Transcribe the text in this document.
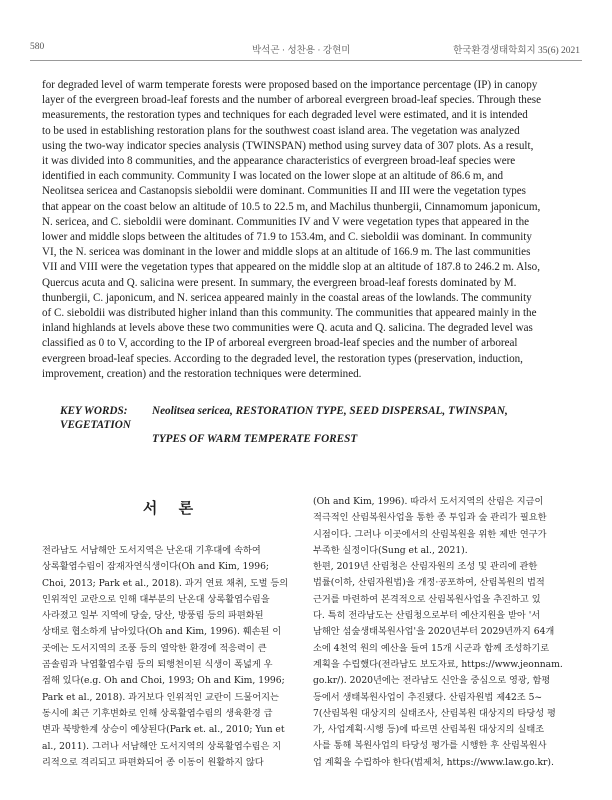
580	박석곤 · 성찬용 · 강현미	한국환경생태학회지 35(6) 2021

for degraded level of warm temperate forests were proposed based on the importance percentage (IP) in canopy
layer of the evergreen broad-leaf forests and the number of arboreal evergreen broad-leaf species. Through these
measurements, the restoration types and techniques for each degraded level were estimated, and it is intended
to be used in establishing restoration plans for the southwest coast island area. The vegetation was analyzed
using the two-way indicator species analysis (TWINSPAN) method using survey data of 307 plots. As a result,
it was divided into 8 communities, and the appearance characteristics of evergreen broad-leaf species were
identified in each community. Community I was located on the lower slope at an altitude of 86.6 m, and
Neolitsea sericea and Castanopsis sieboldii were dominant. Communities II and III were the vegetation types
that appear on the coast below an altitude of 10.5 to 22.5 m, and Machilus thunbergii, Cinnamomum japonicum,
N. sericea, and C. sieboldii were dominant. Communities IV and V were vegetation types that appeared in the
lower and middle slops between the altitudes of 71.9 to 153.4m, and C. sieboldii was dominant. In community
VI, the N. sericea was dominant in the lower and middle slops at an altitude of 166.9 m. The last communities
VII and VIII were the vegetation types that appeared on the middle slop at an altitude of 187.8 to 246.2 m. Also,
Quercus acuta and Q. salicina were present. In summary, the evergreen broad-leaf forests dominated by M.
thunbergii, C. japonicum, and N. sericea appeared mainly in the coastal areas of the lowlands. The community
of C. sieboldii was distributed higher inland than this community. The communities that appeared mainly in the
inland highlands at levels above these two communities were Q. acuta and Q. salicina. The degraded level was
classified as 0 to V, according to the IP of arboreal evergreen broad-leaf species and the number of arboreal
evergreen broad-leaf species. According to the degraded level, the restoration types (preservation, induction,
improvement, creation) and the restoration techniques were determined.

KEY WORDS: Neolitsea sericea, RESTORATION TYPE, SEED DISPERSAL, TWINSPAN, VEGETATION
TYPES OF WARM TEMPERATE FOREST

서 론

전라남도 서남해안 도서지역은 난온대 기후대에 속하여
상록활엽수림이 잠재자연식생이다(Oh and Kim, 1996;
Choi, 2013; Park et al., 2018). 과거 연료 채취, 도벌 등의
인위적인 교란으로 인해 대부분의 난온대 상록활엽수림을
사라졌고 일부 지역에 당숲, 당산, 방풍림 등의 파편화된
상태로 협소하게 남아있다(Oh and Kim, 1996). 훼손된 이
곳에는 도서지역의 조풍 등의 열악한 환경에 적응력이 큰
곰솔림과 낙엽활엽수림 등의 퇴행천이된 식생이 폭넓게 우
점해 있다(e.g. Oh and Choi, 1993; Oh and Kim, 1996;
Park et al., 2018). 과거보다 인위적인 교란이 드물어지는
동시에 최근 기후변화로 인해 상록활엽수림의 생육환경 급
변과 북방한계 상승이 예상된다(Park et. al., 2010; Yun et
al., 2011). 그러나 서남해안 도서지역의 상록활엽수림은 지
리적으로 격리되고 파편화되어 종 이동이 원활하지 않다

(Oh and Kim, 1996). 따라서 도서지역의 산림은 지금이
적극적인 산림복원사업을 통한 종 투입과 숲 관리가 필요한
시점이다. 그러나 이곳에서의 산림복원을 위한 제반 연구가
부족한 실정이다(Sung et al., 2021).
한편, 2019년 산림청은 산림자원의 조성 및 관리에 관한
법률(이하, 산림자원법)을 개정·공포하여, 산림복원의 법적
근거를 마련하여 본격적으로 산림복원사업을 추진하고 있
다. 특히 전라남도는 산림청으로부터 예산지원을 받아 '서
남해안 섬숲생태복원사업'을 2020년부터 2029년까지 64개
소에 4천억 원의 예산을 들여 15개 시군과 함께 조성하기로
계획을 수립했다(전라남도 보도자료, https://www.jeonnam.
go.kr/). 2020년에는 전라남도 신안을 중심으로 영광, 함평
등에서 생태복원사업이 추진됐다. 산림자원법 제42조 5~
7(산림복원 대상지의 실태조사, 산림복원 대상지의 타당성 평
가, 사업계획·시행 등)에 따르면 산림복원 대상지의 실태조
사를 통해 복원사업의 타당성 평가를 시행한 후 산림복원사
업 계획을 수립하야 한다(법제처, https://www.law.go.kr).
